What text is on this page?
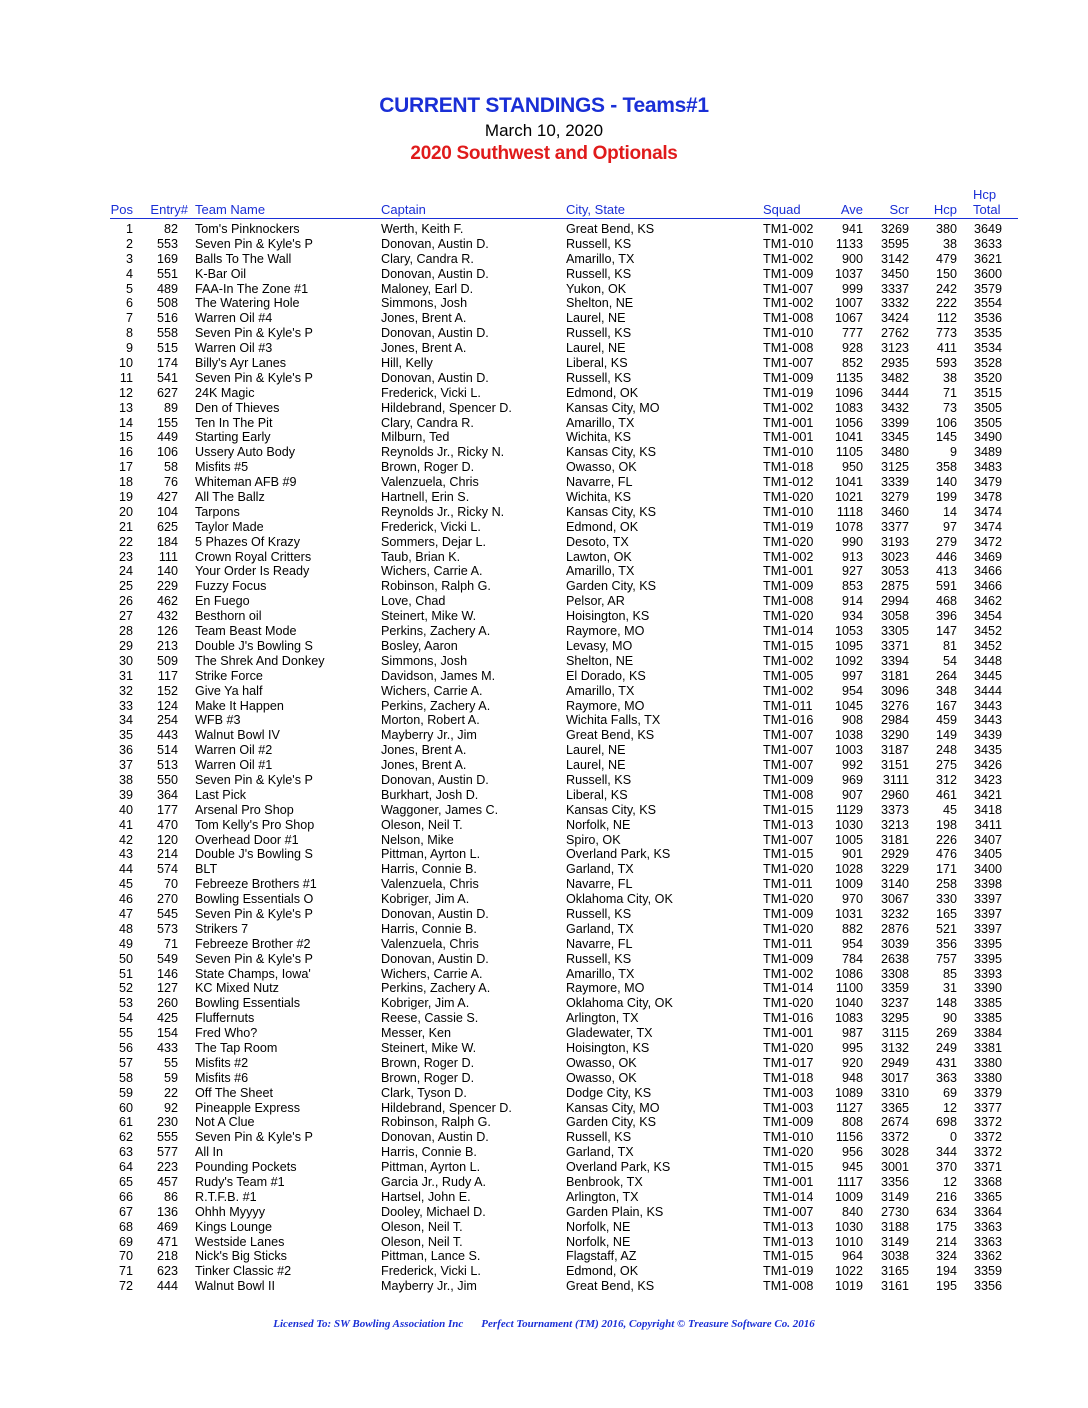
CURRENT STANDINGS - Teams#1
March 10, 2020
2020 Southwest and Optionals
Pos	Entry# Team Name	Captain	City, State	Squad	Ave	Scr	Hcp
Hcp
Total
1	82 Tom's Pinknockers	Werth, Keith F.	Great Bend, KS	TM1-002	941	3269	380	3649
2	553 Seven Pin & Kyle's P	Donovan, Austin D.	Russell, KS	TM1-010	1133	3595	38	3633
3	169 Balls To The Wall	Clary, Candra R.	Amarillo, TX	TM1-002	900	3142	479	3621
4	551 K-Bar Oil	Donovan, Austin D.	Russell, KS	TM1-009	1037	3450	150	3600
5	489 FAA-In The Zone #1	Maloney, Earl D.	Yukon, OK	TM1-007	999	3337	242	3579
6	508 The Watering Hole	Simmons, Josh	Shelton, NE	TM1-002	1007	3332	222	3554
7	516 Warren Oil #4	Jones, Brent A.	Laurel, NE	TM1-008	1067	3424	112	3536
8	558 Seven Pin & Kyle's P	Donovan, Austin D.	Russell, KS	TM1-010	777	2762	773	3535
9	515 Warren Oil #3	Jones, Brent A.	Laurel, NE	TM1-008	928	3123	411	3534
10	174 Billy's Ayr Lanes	Hill, Kelly	Liberal, KS	TM1-007	852	2935	593	3528
11	541 Seven Pin & Kyle's P	Donovan, Austin D.	Russell, KS	TM1-009	1135	3482	38	3520
12	627 24K Magic	Frederick, Vicki L.	Edmond, OK	TM1-019	1096	3444	71	3515
13	89 Den of Thieves	Hildebrand, Spencer D.	Kansas City, MO	TM1-002	1083	3432	73	3505
14	155 Ten In The Pit	Clary, Candra R.	Amarillo, TX	TM1-001	1056	3399	106	3505
15	449 Starting Early	Milburn, Ted	Wichita, KS	TM1-001	1041	3345	145	3490
16	106 Ussery Auto Body	Reynolds Jr., Ricky N.	Kansas City, KS	TM1-010	1105	3480	9	3489
17	58 Misfits #5	Brown, Roger D.	Owasso, OK	TM1-018	950	3125	358	3483
18	76 Whiteman AFB #9	Valenzuela, Chris	Navarre, FL	TM1-012	1041	3339	140	3479
19	427 All The Ballz	Hartnell, Erin S.	Wichita, KS	TM1-020	1021	3279	199	3478
20	104 Tarpons	Reynolds Jr., Ricky N.	Kansas City, KS	TM1-010	1118	3460	14	3474
21	625 Taylor Made	Frederick, Vicki L.	Edmond, OK	TM1-019	1078	3377	97	3474
22	184 5 Phazes Of Krazy	Sommers, Dejar L.	Desoto, TX	TM1-020	990	3193	279	3472
23	111 Crown Royal Critters	Taub, Brian K.	Lawton, OK	TM1-002	913	3023	446	3469
24	140 Your Order Is Ready	Wichers, Carrie A.	Amarillo, TX	TM1-001	927	3053	413	3466
25	229 Fuzzy Focus	Robinson, Ralph G.	Garden City, KS	TM1-009	853	2875	591	3466
26	462 En Fuego	Love, Chad	Pelsor, AR	TM1-008	914	2994	468	3462
27	432 Besthorn oil	Steinert, Mike W.	Hoisington, KS	TM1-020	934	3058	396	3454
28	126 Team Beast Mode	Perkins, Zachery A.	Raymore, MO	TM1-014	1053	3305	147	3452
29	213 Double J's Bowling S	Bosley, Aaron	Levasy, MO	TM1-015	1095	3371	81	3452
30	509 The Shrek And Donkey	Simmons, Josh	Shelton, NE	TM1-002	1092	3394	54	3448
31	117 Strike Force	Davidson, James M.	El Dorado, KS	TM1-005	997	3181	264	3445
32	152 Give Ya half	Wichers, Carrie A.	Amarillo, TX	TM1-002	954	3096	348	3444
33	124 Make It Happen	Perkins, Zachery A.	Raymore, MO	TM1-011	1045	3276	167	3443
34	254 WFB #3	Morton, Robert A.	Wichita Falls, TX	TM1-016	908	2984	459	3443
35	443 Walnut Bowl IV	Mayberry Jr., Jim	Great Bend, KS	TM1-007	1038	3290	149	3439
36	514 Warren Oil #2	Jones, Brent A.	Laurel, NE	TM1-007	1003	3187	248	3435
37	513 Warren Oil #1	Jones, Brent A.	Laurel, NE	TM1-007	992	3151	275	3426
38	550 Seven Pin & Kyle's P	Donovan, Austin D.	Russell, KS	TM1-009	969	3111	312	3423
39	364 Last Pick	Burkhart, Josh D.	Liberal, KS	TM1-008	907	2960	461	3421
40	177 Arsenal Pro Shop	Waggoner, James C.	Kansas City, KS	TM1-015	1129	3373	45	3418
41	470 Tom Kelly's Pro Shop	Oleson, Neil T.	Norfolk, NE	TM1-013	1030	3213	198	3411
42	120 Overhead Door #1	Nelson, Mike	Spiro, OK	TM1-007	1005	3181	226	3407
43	214 Double J's Bowling S	Pittman, Ayrton L.	Overland Park, KS	TM1-015	901	2929	476	3405
44	574 BLT	Harris, Connie B.	Garland, TX	TM1-020	1028	3229	171	3400
45	70 Febreeze Brothers #1	Valenzuela, Chris	Navarre, FL	TM1-011	1009	3140	258	3398
46	270 Bowling Essentials O	Kobriger, Jim A.	Oklahoma City, OK	TM1-020	970	3067	330	3397
47	545 Seven Pin & Kyle's P	Donovan, Austin D.	Russell, KS	TM1-009	1031	3232	165	3397
48	573 Strikers 7	Harris, Connie B.	Garland, TX	TM1-020	882	2876	521	3397
49	71 Febreeze Brother #2	Valenzuela, Chris	Navarre, FL	TM1-011	954	3039	356	3395
50	549 Seven Pin & Kyle's P	Donovan, Austin D.	Russell, KS	TM1-009	784	2638	757	3395
51	146 State Champs, Iowa'	Wichers, Carrie A.	Amarillo, TX	TM1-002	1086	3308	85	3393
52	127 KC Mixed Nutz	Perkins, Zachery A.	Raymore, MO	TM1-014	1100	3359	31	3390
53	260 Bowling Essentials	Kobriger, Jim A.	Oklahoma City, OK	TM1-020	1040	3237	148	3385
54	425 Fluffernuts	Reese, Cassie S.	Arlington, TX	TM1-016	1083	3295	90	3385
55	154 Fred Who?	Messer, Ken	Gladewater, TX	TM1-001	987	3115	269	3384
56	433 The Tap Room	Steinert, Mike W.	Hoisington, KS	TM1-020	995	3132	249	3381
57	55 Misfits #2	Brown, Roger D.	Owasso, OK	TM1-017	920	2949	431	3380
58	59 Misfits #6	Brown, Roger D.	Owasso, OK	TM1-018	948	3017	363	3380
59	22 Off The Sheet	Clark, Tyson D.	Dodge City, KS	TM1-003	1089	3310	69	3379
60	92 Pineapple Express	Hildebrand, Spencer D.	Kansas City, MO	TM1-003	1127	3365	12	3377
61	230 Not A Clue	Robinson, Ralph G.	Garden City, KS	TM1-009	808	2674	698	3372
62	555 Seven Pin & Kyle's P	Donovan, Austin D.	Russell, KS	TM1-010	1156	3372	0	3372
63	577 All In	Harris, Connie B.	Garland, TX	TM1-020	956	3028	344	3372
64	223 Pounding Pockets	Pittman, Ayrton L.	Overland Park, KS	TM1-015	945	3001	370	3371
65	457 Rudy's Team #1	Garcia Jr., Rudy A.	Benbrook, TX	TM1-001	1117	3356	12	3368
66	86 R.T.F.B. #1	Hartsel, John E.	Arlington, TX	TM1-014	1009	3149	216	3365
67	136 Ohhh Myyyy	Dooley, Michael D.	Garden Plain, KS	TM1-007	840	2730	634	3364
68	469 Kings Lounge	Oleson, Neil T.	Norfolk, NE	TM1-013	1030	3188	175	3363
69	471 Westside Lanes	Oleson, Neil T.	Norfolk, NE	TM1-013	1010	3149	214	3363
70	218 Nick's Big Sticks	Pittman, Lance S.	Flagstaff, AZ	TM1-015	964	3038	324	3362
71	623 Tinker Classic #2	Frederick, Vicki L.	Edmond, OK	TM1-019	1022	3165	194	3359
72	444 Walnut Bowl II	Mayberry Jr., Jim	Great Bend, KS	TM1-008	1019	3161	195	3356
Licensed To: SW Bowling Association Inc Perfect Tournament (TM) 2016, Copyright © Treasure Software Co. 2016
